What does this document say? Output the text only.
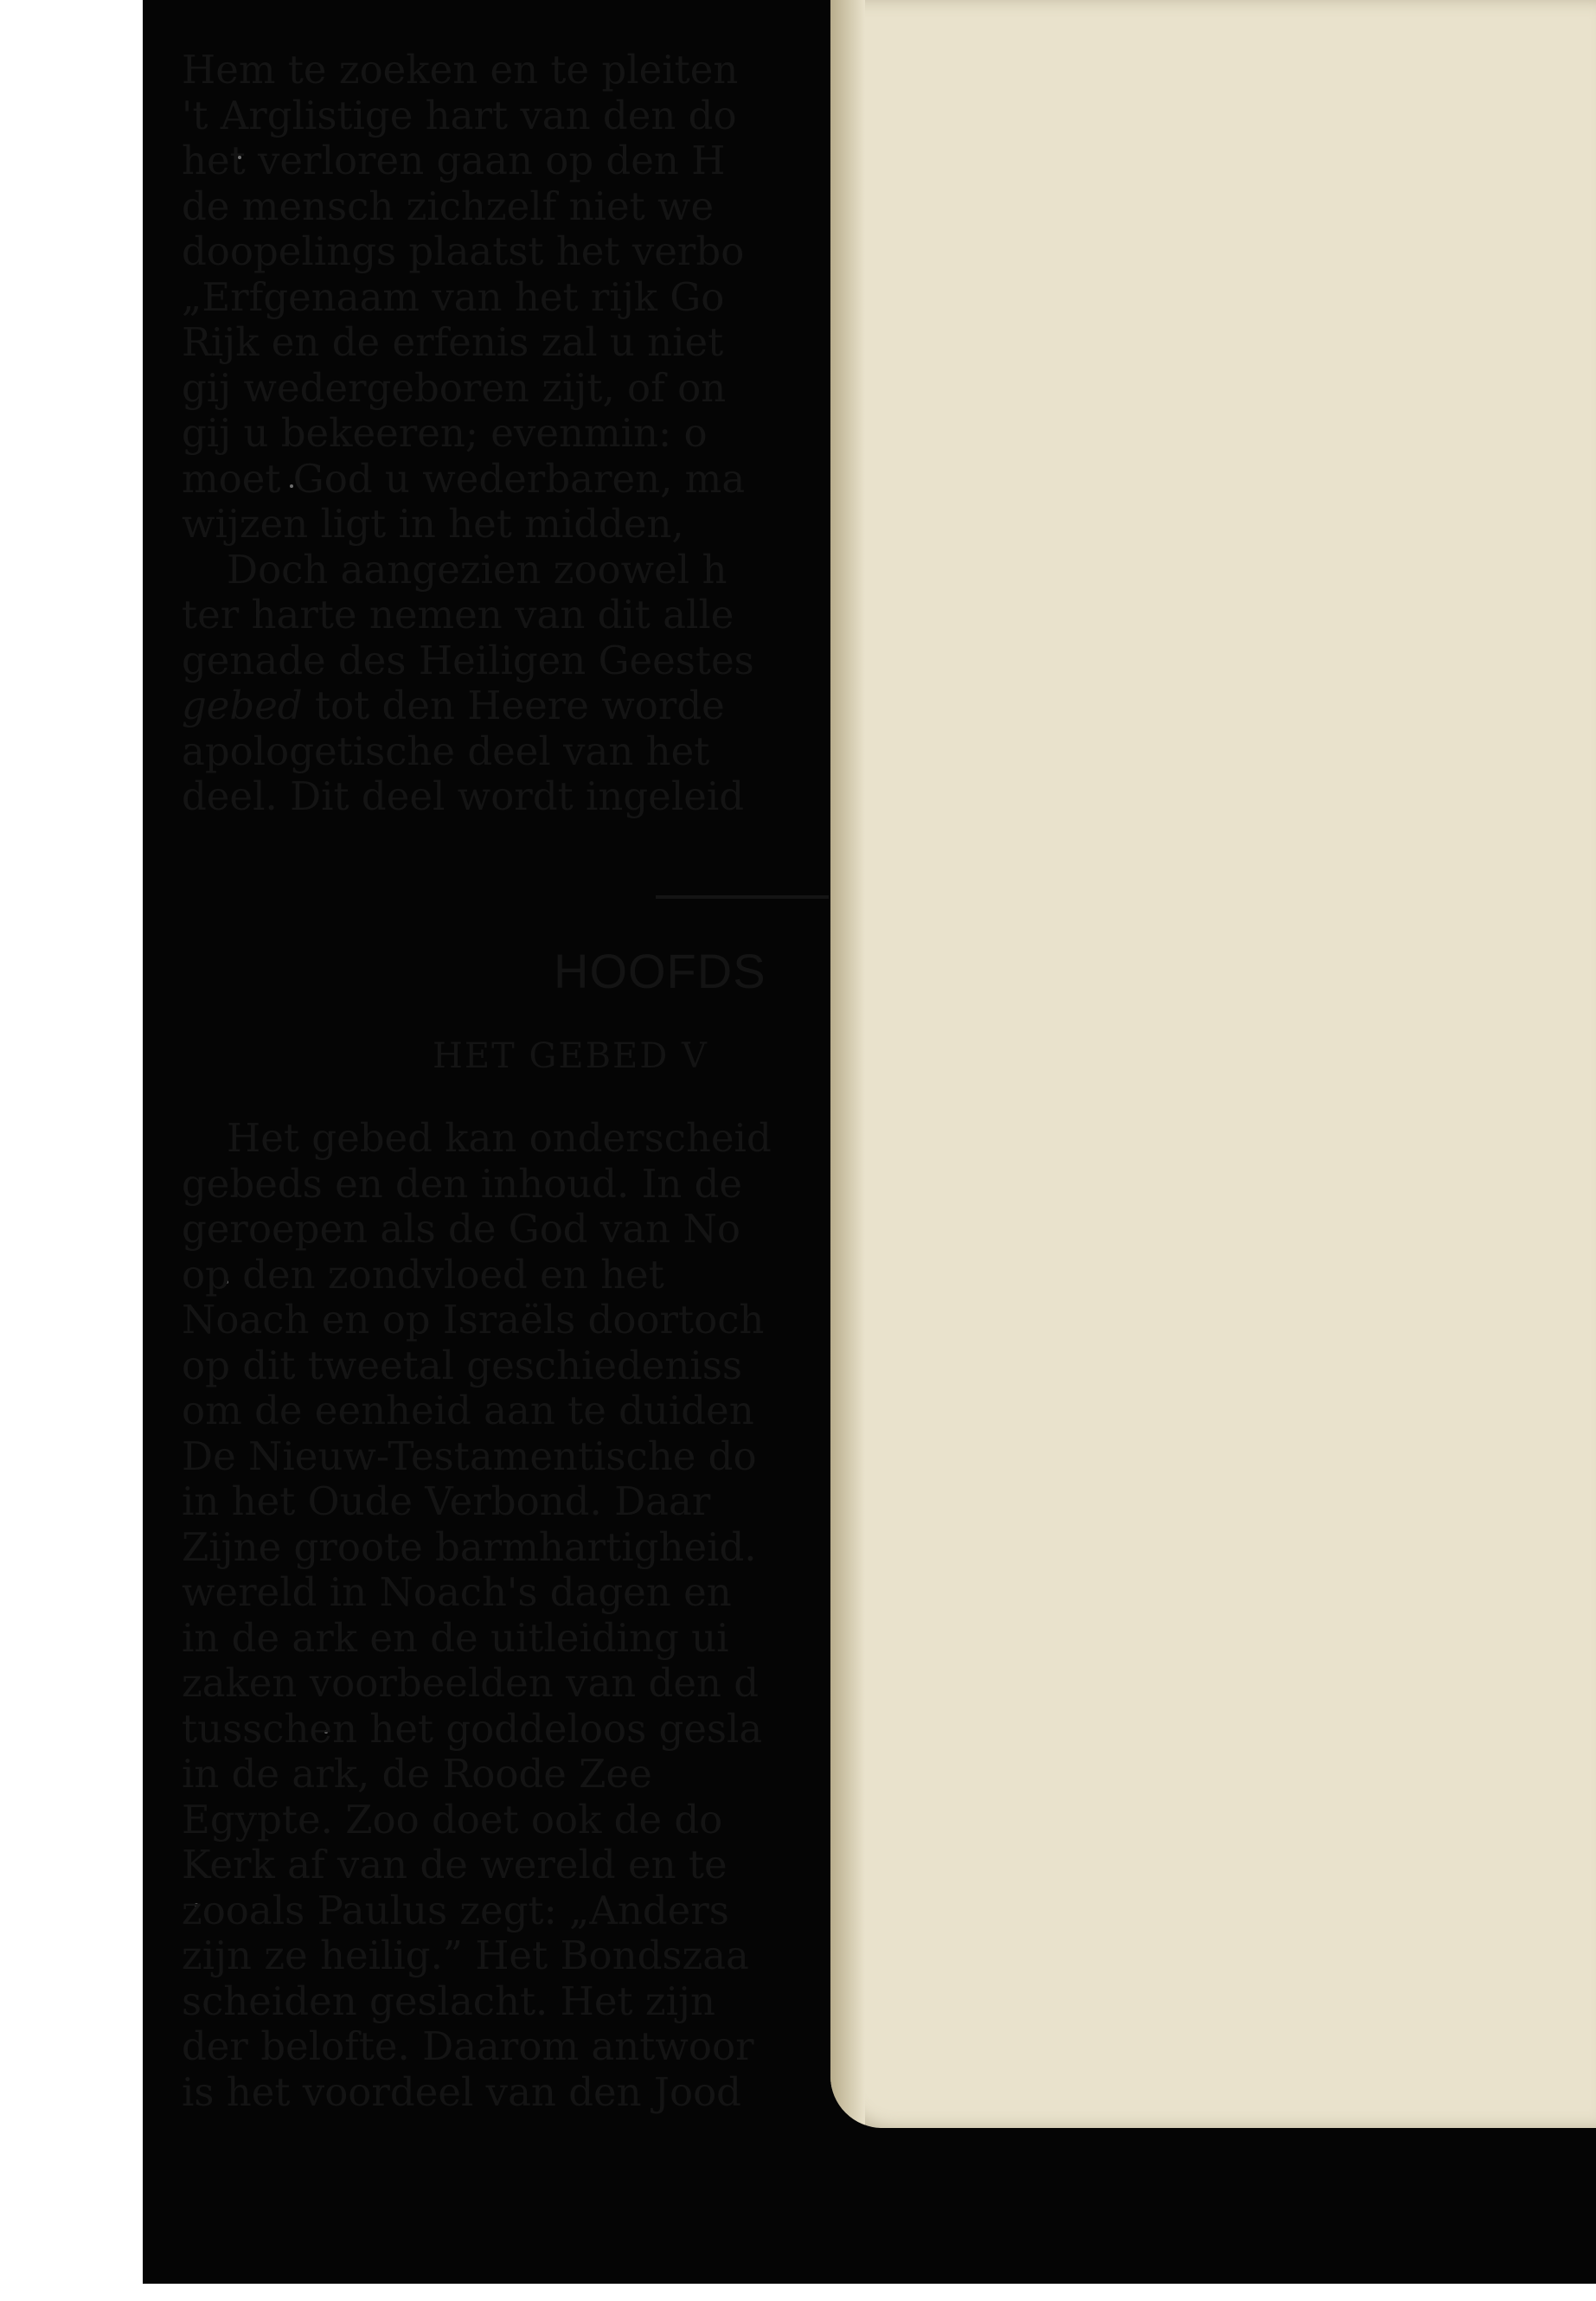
Hem te zoeken en te pleiten
't Arglistige hart van den do
het verloren gaan op den H
de mensch zichzelf niet we
doopelings plaatst het verbo
„Erfgenaam van het rijk Go
Rijk en de erfenis zal u niet
gij wedergeboren zijt, of on
gij u bekeeren; evenmin: o
moet God u wederbaren, ma
wijzen ligt in het midden,
Doch aangezien zoowel h
ter harte nemen van dit alle
genade des Heiligen Geestes
gebed tot den Heere worde
apologetische deel van het
deel. Dit deel wordt ingeleid
HOOFDS
HET GEBED V
Het gebed kan onderscheid
gebeds en den inhoud. In de
geroepen als de God van No
op den zondvloed en het
Noach en op Israëls doortoch
op dit tweetal geschiedeniss
om de eenheid aan te duiden
De Nieuw-Testamentische do
in het Oude Verbond. Daar
Zijne groote barmhartigheid.
wereld in Noach's dagen en
in de ark en de uitleiding ui
zaken voorbeelden van den d
tusschen het goddeloos gesla
in de ark, de Roode Zee
Egypte. Zoo doet ook de do
Kerk af van de wereld en te
zooals Paulus zegt: „Anders
zijn ze heilig.” Het Bondszaa
scheiden geslacht. Het zijn
der belofte. Daarom antwoor
is het voordeel van den Jood
